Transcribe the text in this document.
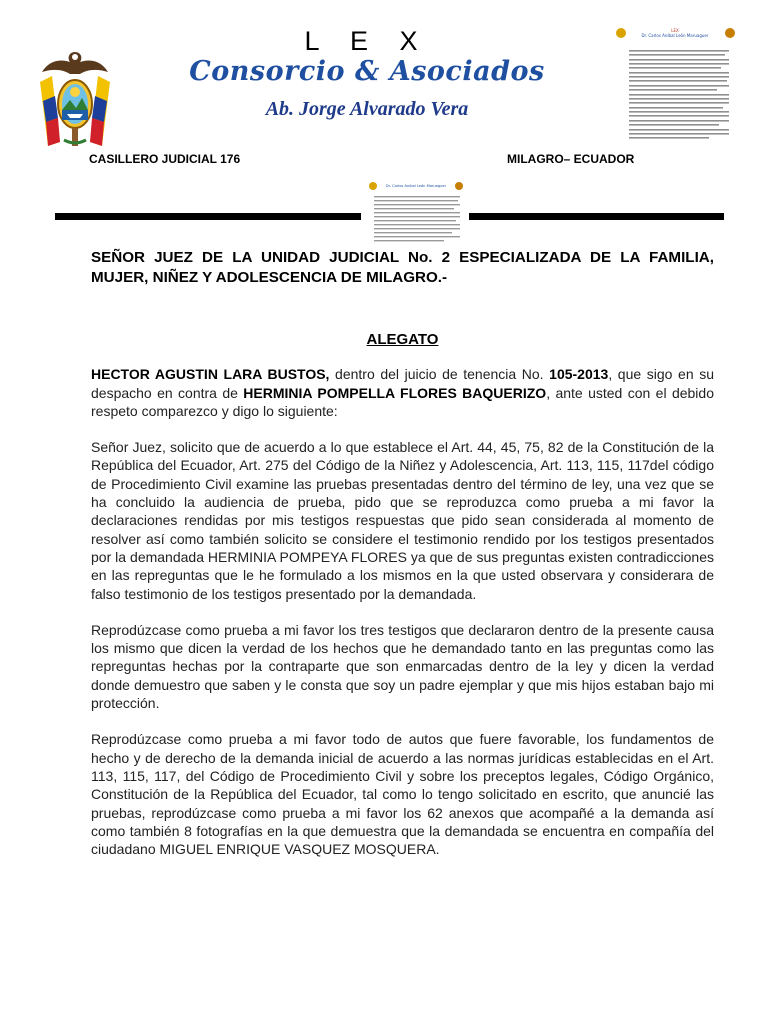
L E X
Consorcio & Asociados
Ab. Jorge Alvarado Vera
LEX
Dr. Carlos Aníbal León Maruaguer
CASILLERO JUDICIAL 176	MILAGRO– ECUADOR
Dr. Carlos Aníbal León Maruaguer

SEÑOR JUEZ DE LA UNIDAD JUDICIAL No. 2 ESPECIALIZADA DE LA FAMILIA, MUJER, NIÑEZ Y ADOLESCENCIA DE MILAGRO.-

ALEGATO

HECTOR AGUSTIN LARA BUSTOS, dentro del juicio de tenencia No. 105-2013, que sigo en su despacho en contra de HERMINIA POMPELLA FLORES BAQUERIZO, ante usted con el debido respeto comparezco y digo lo siguiente:

Señor Juez, solicito que de acuerdo a lo que establece el Art. 44, 45, 75, 82 de la Constitución de la República del Ecuador, Art. 275 del Código de la Niñez y Adolescencia, Art. 113, 115, 117del código de Procedimiento Civil examine las pruebas presentadas dentro del término de ley, una vez que se ha concluido la audiencia de prueba, pido que se reproduzca como prueba a mi favor la declaraciones rendidas por mis testigos respuestas que pido sean considerada al momento de resolver así como también solicito se considere el testimonio rendido por los testigos presentados por la demandada HERMINIA POMPEYA FLORES ya que de sus preguntas existen contradicciones en las repreguntas que le he formulado a los mismos en la que usted observara y considerara de falso testimonio de los testigos presentado por la demandada.

Reprodúzcase como prueba a mi favor los tres testigos que declararon dentro de la presente causa los mismo que dicen la verdad de los hechos que he demandado tanto en las preguntas como las repreguntas hechas por la contraparte que son enmarcadas dentro de la ley y dicen la verdad donde demuestro que saben y le consta que soy un padre ejemplar y que mis hijos estaban bajo mi protección.

Reprodúzcase como prueba a mi favor todo de autos que fuere favorable, los fundamentos de hecho y de derecho de la demanda inicial de acuerdo a las normas jurídicas establecidas en el Art. 113, 115, 117, del Código de Procedimiento Civil y sobre los preceptos legales, Código Orgánico, Constitución de la República del Ecuador, tal como lo tengo solicitado en escrito, que anuncié las pruebas, reprodúzcase como prueba a mi favor los 62 anexos que acompañé a la demanda así como también 8 fotografías en la que demuestra que la demandada se encuentra en compañía del ciudadano MIGUEL ENRIQUE VASQUEZ MOSQUERA.
